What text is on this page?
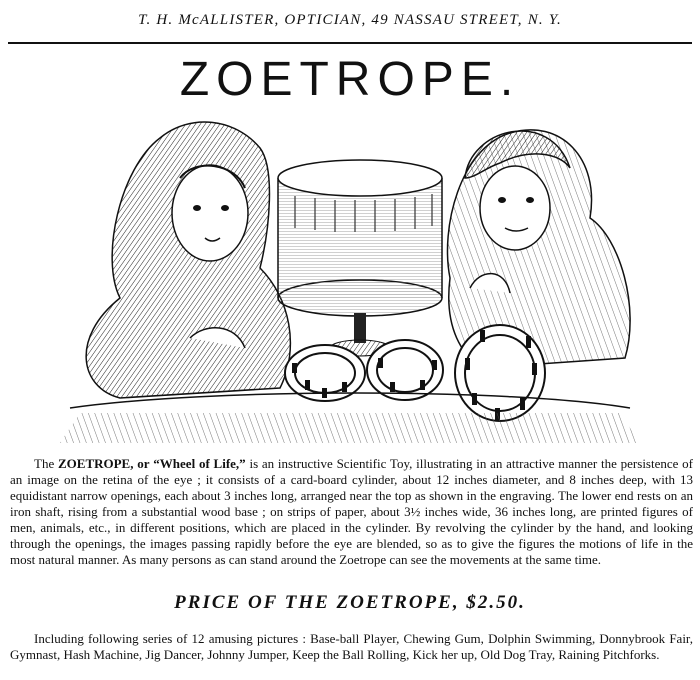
T. H. McALLISTER, OPTICIAN, 49 NASSAU STREET, N. Y.
ZOETROPE.

The ZOETROPE, or “Wheel of Life,” is an instructive Scientific Toy, illustrating in an attractive manner the persistence of an image on the retina of the eye ; it consists of a card-board cylinder, about 12 inches diameter, and 8 inches deep, with 13 equidistant narrow openings, each about 3 inches long, arranged near the top as shown in the engraving. The lower end rests on an iron shaft, rising from a substantial wood base ; on strips of paper, about 3½ inches wide, 36 inches long, are printed figures of men, animals, etc., in different positions, which are placed in the cylinder. By revolving the cylinder by the hand, and looking through the openings, the images passing rapidly before the eye are blended, so as to give the figures the motions of life in the most natural manner. As many persons as can stand around the Zoetrope can see the movements at the same time.

PRICE OF THE ZOETROPE, $2.50.

Including following series of 12 amusing pictures : Base-ball Player, Chewing Gum, Dolphin Swimming, Donnybrook Fair, Gymnast, Hash Machine, Jig Dancer, Johnny Jumper, Keep the Ball Rolling, Kick her up, Old Dog Tray, Raining Pitchforks.
